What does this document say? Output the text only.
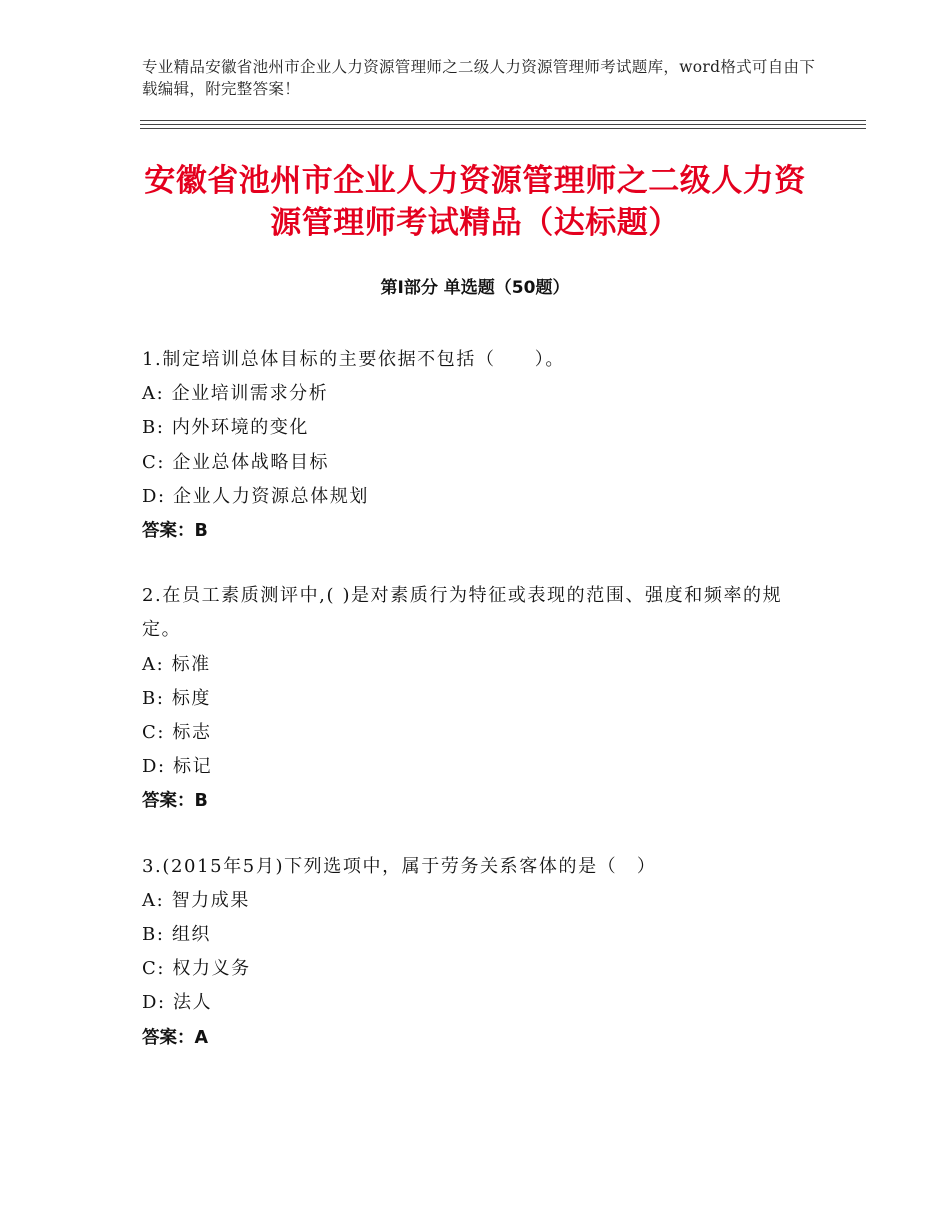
专业精品安徽省池州市企业人力资源管理师之二级人力资源管理师考试题库，word格式可自由下载编辑，附完整答案！
安徽省池州市企业人力资源管理师之二级人力资源管理师考试精品（达标题）
第Ⅰ部分 单选题（50题）
1.制定培训总体目标的主要依据不包括（　　）。
A: 企业培训需求分析
B: 内外环境的变化
C: 企业总体战略目标
D: 企业人力资源总体规划
答案：B
2.在员工素质测评中,( )是对素质行为特征或表现的范围、强度和频率的规定。
A: 标准
B: 标度
C: 标志
D: 标记
答案：B
3.(2015年5月)下列选项中，属于劳务关系客体的是（　）
A: 智力成果
B: 组织
C: 权力义务
D: 法人
答案：A
